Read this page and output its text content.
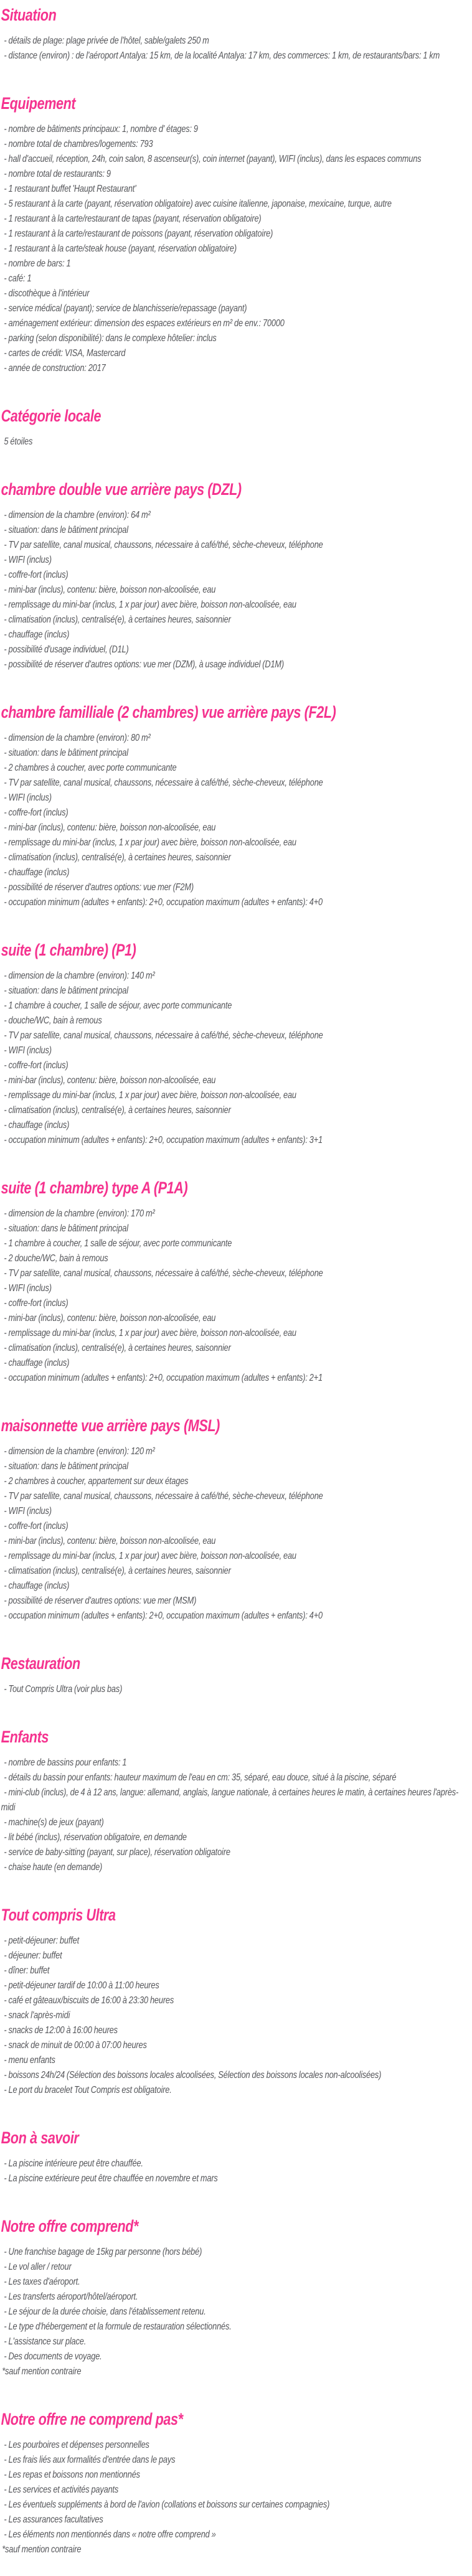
Situation

- détails de plage: plage privée de l'hôtel, sable/galets 250 m

- distance (environ) : de l'aéroport Antalya: 15 km, de la localité Antalya: 17 km, des commerces: 1 km, de restaurants/bars: 1 km

Equipement

- nombre de bâtiments principaux: 1, nombre d' étages: 9

- nombre total de chambres/logements: 793

- hall d'accueil, réception, 24h, coin salon, 8 ascenseur(s), coin internet (payant), WIFI (inclus), dans les espaces communs

- nombre total de restaurants: 9

- 1 restaurant buffet 'Haupt Restaurant'

- 5 restaurant à la carte (payant, réservation obligatoire) avec cuisine italienne, japonaise, mexicaine, turque, autre

- 1 restaurant à la carte/restaurant de tapas (payant, réservation obligatoire)

- 1 restaurant à la carte/restaurant de poissons (payant, réservation obligatoire)

- 1 restaurant à la carte/steak house (payant, réservation obligatoire)

- nombre de bars: 1

- café: 1

- discothèque à l'intérieur

- service médical (payant); service de blanchisserie/repassage (payant)

- aménagement extérieur: dimension des espaces extérieurs en m² de env.: 70000

- parking (selon disponibilité): dans le complexe hôtelier: inclus

- cartes de crédit: VISA, Mastercard

- année de construction: 2017

Catégorie locale

5 étoiles

chambre double vue arrière pays (DZL)

- dimension de la chambre (environ): 64 m²

- situation: dans le bâtiment principal

- TV par satellite, canal musical, chaussons, nécessaire à café/thé, sèche-cheveux, téléphone

- WIFI (inclus)

- coffre-fort (inclus)

- mini-bar (inclus), contenu: bière, boisson non-alcoolisée, eau

- remplissage du mini-bar (inclus, 1 x par jour) avec bière, boisson non-alcoolisée, eau

- climatisation (inclus), centralisé(e), à certaines heures, saisonnier

- chauffage (inclus)

- possibilité d'usage individuel, (D1L)

- possibilité de réserver d'autres options: vue mer (DZM), à usage individuel (D1M)

chambre familliale (2 chambres) vue arrière pays (F2L)

- dimension de la chambre (environ): 80 m²

- situation: dans le bâtiment principal

- 2 chambres à coucher, avec porte communicante

- TV par satellite, canal musical, chaussons, nécessaire à café/thé, sèche-cheveux, téléphone

- WIFI (inclus)

- coffre-fort (inclus)

- mini-bar (inclus), contenu: bière, boisson non-alcoolisée, eau

- remplissage du mini-bar (inclus, 1 x par jour) avec bière, boisson non-alcoolisée, eau

- climatisation (inclus), centralisé(e), à certaines heures, saisonnier

- chauffage (inclus)

- possibilité de réserver d'autres options: vue mer (F2M)

- occupation minimum (adultes + enfants): 2+0, occupation maximum (adultes + enfants): 4+0

suite (1 chambre) (P1)

- dimension de la chambre (environ): 140 m²

- situation: dans le bâtiment principal

- 1 chambre à coucher, 1 salle de séjour, avec porte communicante

- douche/WC, bain à remous

- TV par satellite, canal musical, chaussons, nécessaire à café/thé, sèche-cheveux, téléphone

- WIFI (inclus)

- coffre-fort (inclus)

- mini-bar (inclus), contenu: bière, boisson non-alcoolisée, eau

- remplissage du mini-bar (inclus, 1 x par jour) avec bière, boisson non-alcoolisée, eau

- climatisation (inclus), centralisé(e), à certaines heures, saisonnier

- chauffage (inclus)

- occupation minimum (adultes + enfants): 2+0, occupation maximum (adultes + enfants): 3+1

suite (1 chambre) type A (P1A)

- dimension de la chambre (environ): 170 m²

- situation: dans le bâtiment principal

- 1 chambre à coucher, 1 salle de séjour, avec porte communicante

- 2 douche/WC, bain à remous

- TV par satellite, canal musical, chaussons, nécessaire à café/thé, sèche-cheveux, téléphone

- WIFI (inclus)

- coffre-fort (inclus)

- mini-bar (inclus), contenu: bière, boisson non-alcoolisée, eau

- remplissage du mini-bar (inclus, 1 x par jour) avec bière, boisson non-alcoolisée, eau

- climatisation (inclus), centralisé(e), à certaines heures, saisonnier

- chauffage (inclus)

- occupation minimum (adultes + enfants): 2+0, occupation maximum (adultes + enfants): 2+1

maisonnette vue arrière pays (MSL)

- dimension de la chambre (environ): 120 m²

- situation: dans le bâtiment principal

- 2 chambres à coucher, appartement sur deux étages

- TV par satellite, canal musical, chaussons, nécessaire à café/thé, sèche-cheveux, téléphone

- WIFI (inclus)

- coffre-fort (inclus)

- mini-bar (inclus), contenu: bière, boisson non-alcoolisée, eau

- remplissage du mini-bar (inclus, 1 x par jour) avec bière, boisson non-alcoolisée, eau

- climatisation (inclus), centralisé(e), à certaines heures, saisonnier

- chauffage (inclus)

- possibilité de réserver d'autres options: vue mer (MSM)

- occupation minimum (adultes + enfants): 2+0, occupation maximum (adultes + enfants): 4+0

Restauration

- Tout Compris Ultra (voir plus bas)

Enfants

- nombre de bassins pour enfants: 1

- détails du bassin pour enfants: hauteur maximum de l'eau en cm: 35, séparé, eau douce, situé à la piscine, séparé

- mini-club (inclus), de 4 à 12 ans, langue: allemand, anglais, langue nationale, à certaines heures le matin, à certaines heures l'après-midi

- machine(s) de jeux (payant)

- lit bébé (inclus), réservation obligatoire, en demande

- service de baby-sitting (payant, sur place), réservation obligatoire

- chaise haute (en demande)

Tout compris Ultra

- petit-déjeuner: buffet

- déjeuner: buffet

- dîner: buffet

- petit-déjeuner tardif de 10:00 à 11:00 heures

- café et gâteaux/biscuits de 16:00 à 23:30 heures

- snack l'après-midi

- snacks de 12:00 à 16:00 heures

- snack de minuit de 00:00 à 07:00 heures

- menu enfants

- boissons 24h/24 (Sélection des boissons locales alcoolisées, Sélection des boissons locales non-alcoolisées)

- Le port du bracelet Tout Compris est obligatoire.

Bon à savoir

- La piscine intérieure peut être chauffée.

- La piscine extérieure peut être chauffée en novembre et mars

Notre offre comprend*

- Une franchise bagage de 15kg par personne (hors bébé)

- Le vol aller / retour

- Les taxes d'aéroport.

- Les transferts aéroport/hôtel/aéroport.

- Le séjour de la durée choisie, dans l'établissement retenu.

- Le type d'hébergement et la formule de restauration sélectionnés.

- L'assistance sur place.

- Des documents de voyage.

*sauf mention contraire

Notre offre ne comprend pas*

- Les pourboires et dépenses personnelles

- Les frais liés aux formalités d'entrée dans le pays

- Les repas et boissons non mentionnés

- Les services et activités payants

- Les éventuels suppléments à bord de l'avion (collations et boissons sur certaines compagnies)

- Les assurances facultatives

- Les éléments non mentionnés dans « notre offre comprend »

*sauf mention contraire
